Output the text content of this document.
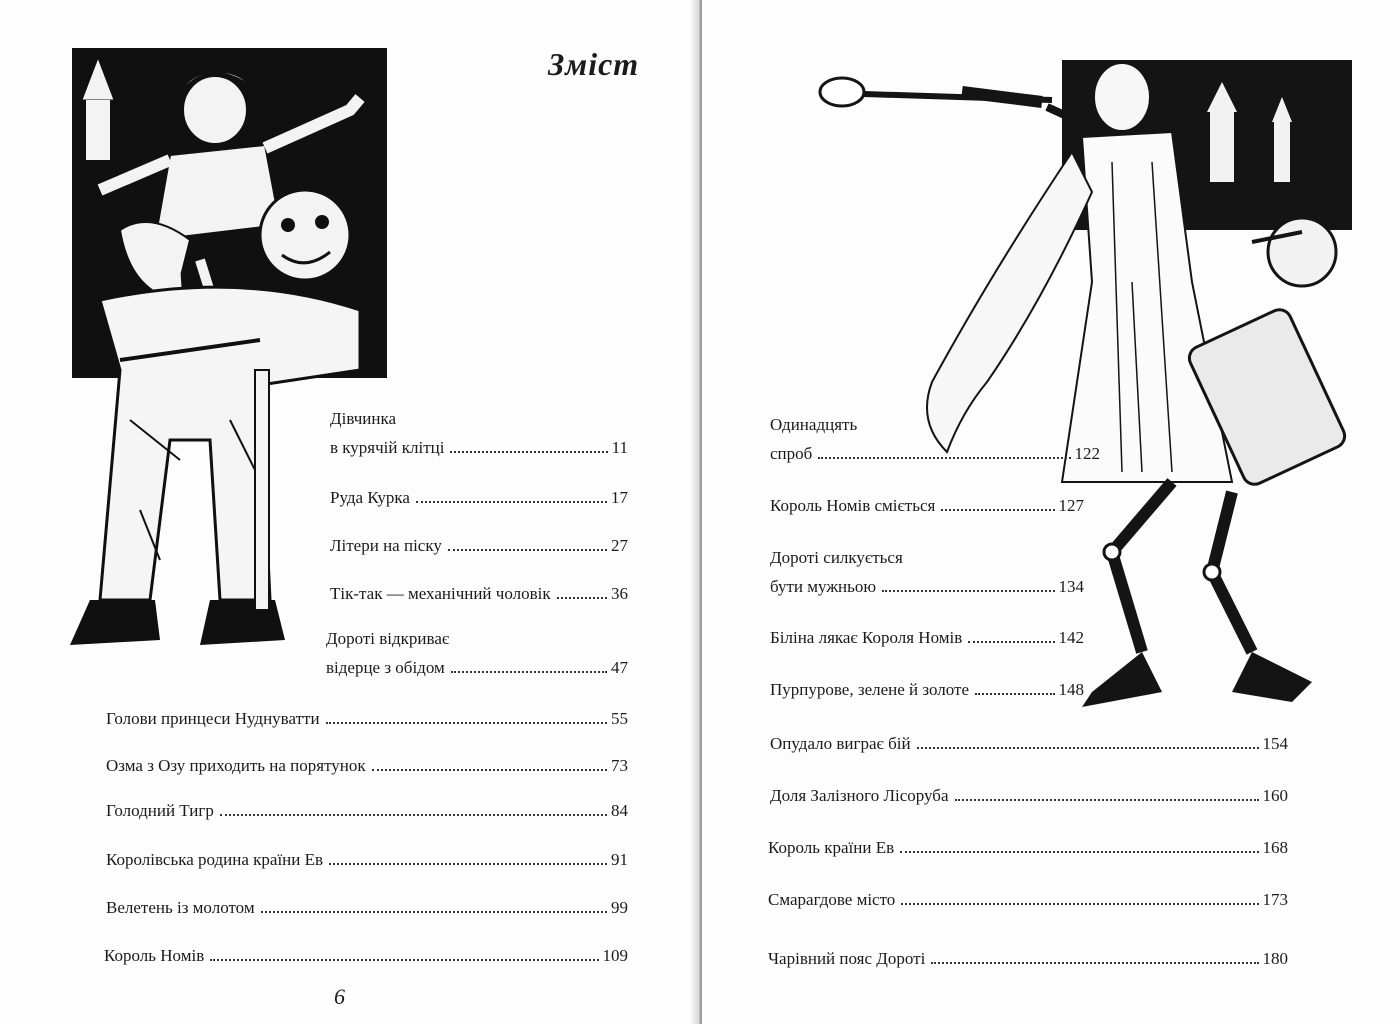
Зміст
Дівчинка
в курячій клітці	11
Руда Курка	17
Літери на піску	27
Тік-так — механічний чоловік	36
Дороті відкриває
відерце з обідом	47
Голови принцеси Нуднуватти	55
Озма з Озу приходить на порятунок	73
Голодний Тигр	84
Королівська родина країни Ев	91
Велетень із молотом	99
Король Номів	109
6
Одинадцять
спроб	122
Король Номів сміється	127
Дороті силкується
бути мужньою	134
Біліна лякає Короля Номів	142
Пурпурове, зелене й золоте	148
Опудало виграє бій	154
Доля Залізного Лісоруба	160
Король країни Ев	168
Смарагдове місто	173
Чарівний пояс Дороті	180
